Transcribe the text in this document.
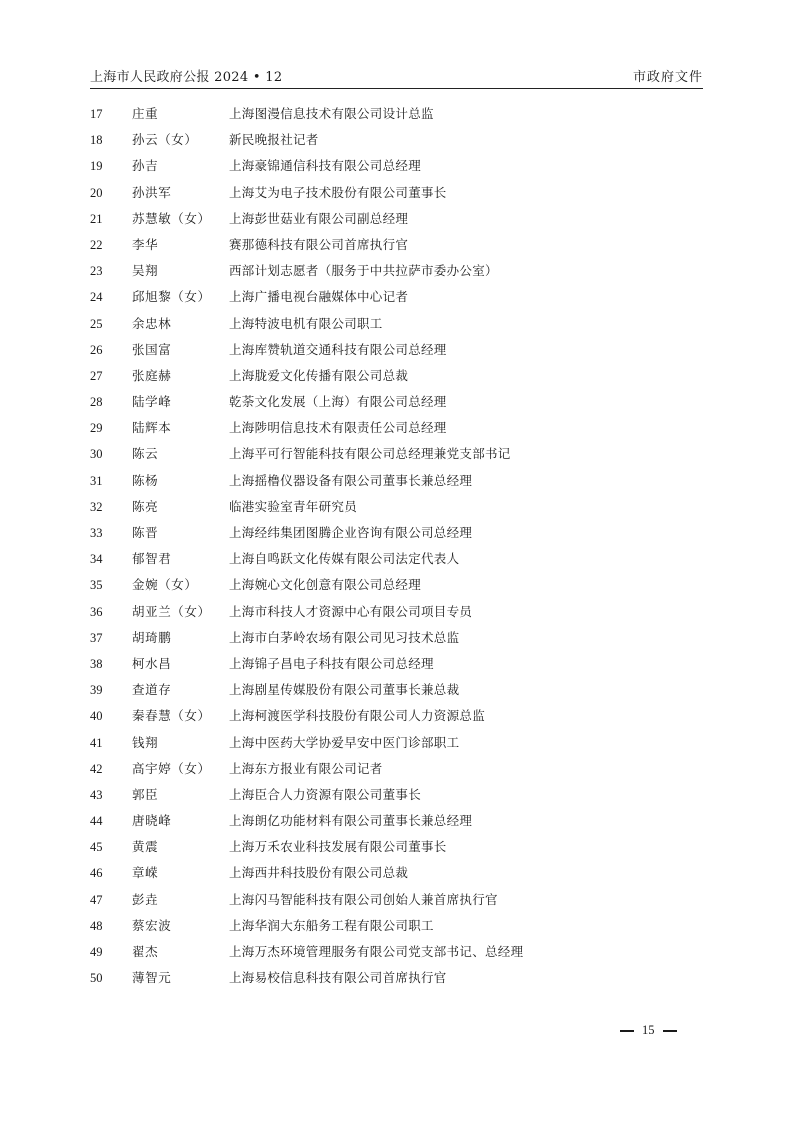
上海市人民政府公报 2024 • 12	市政府文件
17	庄重	上海图漫信息技术有限公司设计总监
18	孙云（女）	新民晚报社记者
19	孙吉	上海豪锦通信科技有限公司总经理
20	孙洪军	上海艾为电子技术股份有限公司董事长
21	苏慧敏（女） 上海彭世菇业有限公司副总经理
22	李华	赛那德科技有限公司首席执行官
23	吴翔	西部计划志愿者（服务于中共拉萨市委办公室）
24	邱旭黎（女） 上海广播电视台融媒体中心记者
25	余忠林	上海特波电机有限公司职工
26	张国富	上海库赞轨道交通科技有限公司总经理
27	张庭赫	上海胧爱文化传播有限公司总裁
28	陆学峰	乾荼文化发展（上海）有限公司总经理
29	陆辉本	上海陟明信息技术有限责任公司总经理
30	陈云	上海平可行智能科技有限公司总经理兼党支部书记
31	陈杨	上海摇橹仪器设备有限公司董事长兼总经理
32	陈亮	临港实验室青年研究员
33	陈晋	上海经纬集团图腾企业咨询有限公司总经理
34	郁智君	上海自鸣跃文化传媒有限公司法定代表人
35	金婉（女）	上海婉心文化创意有限公司总经理
36	胡亚兰（女） 上海市科技人才资源中心有限公司项目专员
37	胡琦鹏	上海市白茅岭农场有限公司见习技术总监
38	柯水昌	上海锦子昌电子科技有限公司总经理
39	查道存	上海剧星传媒股份有限公司董事长兼总裁
40	秦春慧（女） 上海柯渡医学科技股份有限公司人力资源总监
41	钱翔	上海中医药大学协爱早安中医门诊部职工
42	高宇婷（女） 上海东方报业有限公司记者
43	郭臣	上海臣合人力资源有限公司董事长
44	唐晓峰	上海朗亿功能材料有限公司董事长兼总经理
45	黄震	上海万禾农业科技发展有限公司董事长
46	章嵘	上海西井科技股份有限公司总裁
47	彭垚	上海闪马智能科技有限公司创始人兼首席执行官
48	蔡宏波	上海华润大东船务工程有限公司职工
49	翟杰	上海万杰环境管理服务有限公司党支部书记、总经理
50	薄智元	上海易校信息科技有限公司首席执行官
15
